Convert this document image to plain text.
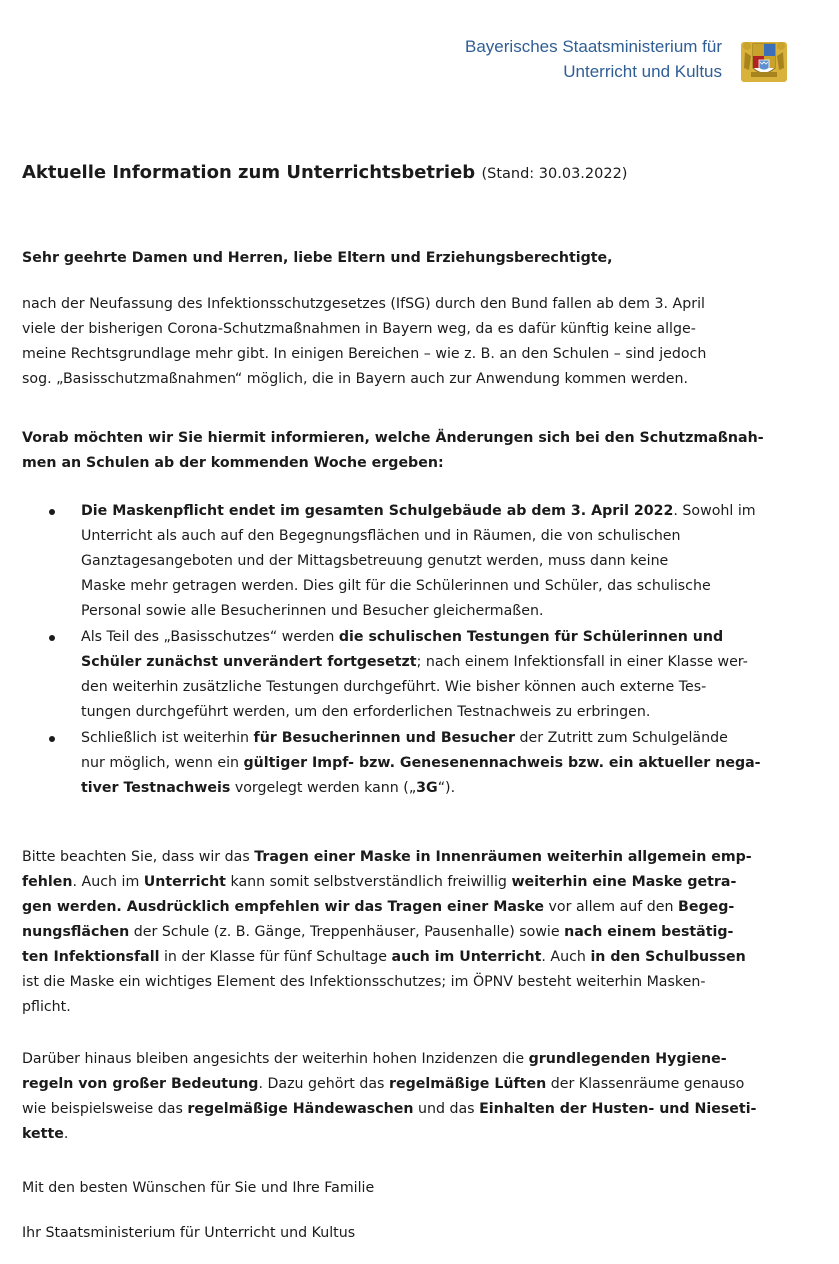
Bayerisches Staatsministerium für
Unterricht und Kultus
Aktuelle Information zum Unterrichtsbetrieb (Stand: 30.03.2022)

Sehr geehrte Damen und Herren, liebe Eltern und Erziehungsberechtigte,

nach der Neufassung des Infektionsschutzgesetzes (IfSG) durch den Bund fallen ab dem 3. April
viele der bisherigen Corona-Schutzmaßnahmen in Bayern weg, da es dafür künftig keine allge-
meine Rechtsgrundlage mehr gibt. In einigen Bereichen – wie z. B. an den Schulen – sind jedoch
sog. „Basisschutzmaßnahmen“ möglich, die in Bayern auch zur Anwendung kommen werden.

Vorab möchten wir Sie hiermit informieren, welche Änderungen sich bei den Schutzmaßnah-
men an Schulen ab der kommenden Woche ergeben:

Die Maskenpflicht endet im gesamten Schulgebäude ab dem 3. April 2022. Sowohl im
Unterricht als auch auf den Begegnungsflächen und in Räumen, die von schulischen
Ganztagesangeboten und der Mittagsbetreuung genutzt werden, muss dann keine
Maske mehr getragen werden. Dies gilt für die Schülerinnen und Schüler, das schulische
Personal sowie alle Besucherinnen und Besucher gleichermaßen.
Als Teil des „Basisschutzes“ werden die schulischen Testungen für Schülerinnen und
Schüler zunächst unverändert fortgesetzt; nach einem Infektionsfall in einer Klasse wer-
den weiterhin zusätzliche Testungen durchgeführt. Wie bisher können auch externe Tes-
tungen durchgeführt werden, um den erforderlichen Testnachweis zu erbringen.
Schließlich ist weiterhin für Besucherinnen und Besucher der Zutritt zum Schulgelände
nur möglich, wenn ein gültiger Impf- bzw. Genesenennachweis bzw. ein aktueller nega-
tiver Testnachweis vorgelegt werden kann („3G“).

Bitte beachten Sie, dass wir das Tragen einer Maske in Innenräumen weiterhin allgemein emp-
fehlen. Auch im Unterricht kann somit selbstverständlich freiwillig weiterhin eine Maske getra-
gen werden. Ausdrücklich empfehlen wir das Tragen einer Maske vor allem auf den Begeg-
nungsflächen der Schule (z. B. Gänge, Treppenhäuser, Pausenhalle) sowie nach einem bestätig-
ten Infektionsfall in der Klasse für fünf Schultage auch im Unterricht. Auch in den Schulbussen
ist die Maske ein wichtiges Element des Infektionsschutzes; im ÖPNV besteht weiterhin Masken-
pflicht.

Darüber hinaus bleiben angesichts der weiterhin hohen Inzidenzen die grundlegenden Hygiene-
regeln von großer Bedeutung. Dazu gehört das regelmäßige Lüften der Klassenräume genauso
wie beispielsweise das regelmäßige Händewaschen und das Einhalten der Husten- und Nieseti-
kette.

Mit den besten Wünschen für Sie und Ihre Familie

Ihr Staatsministerium für Unterricht und Kultus
